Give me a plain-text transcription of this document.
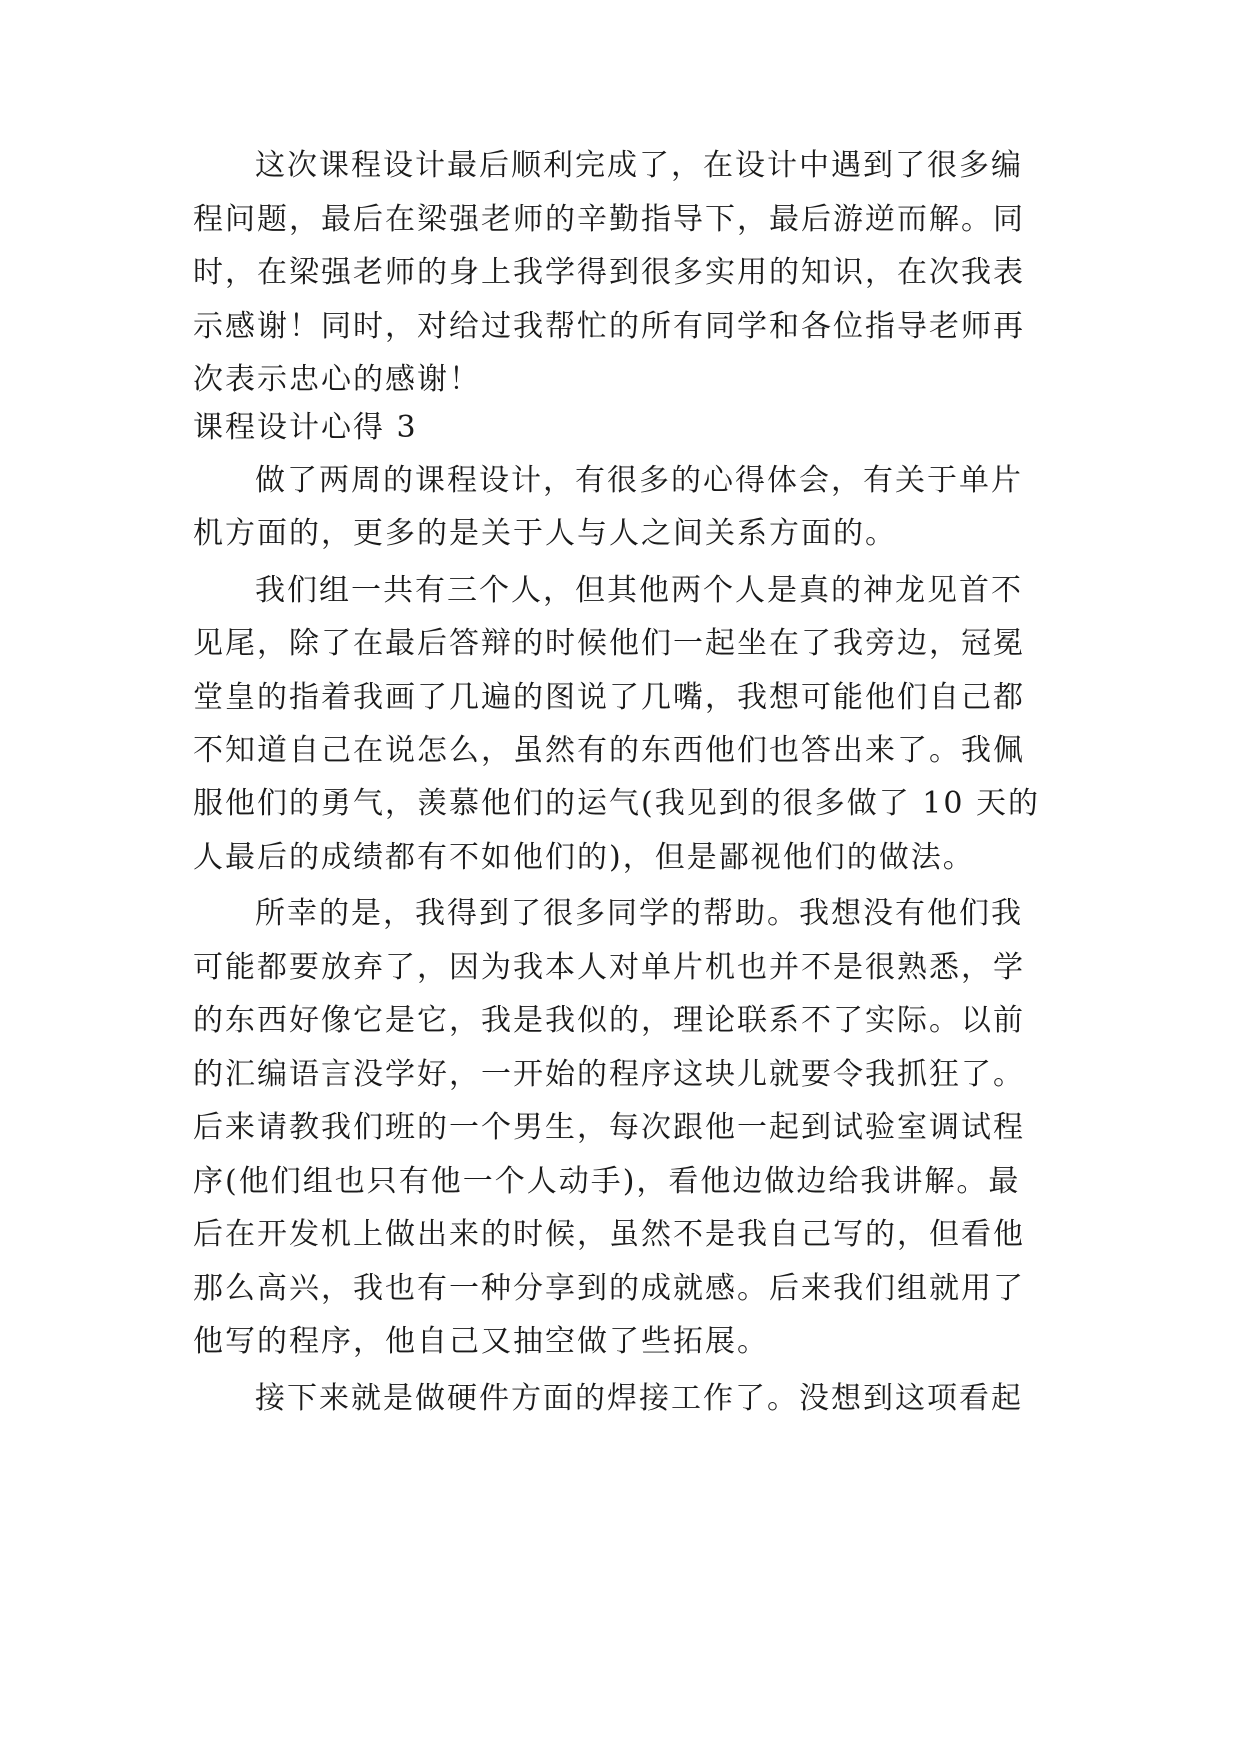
这次课程设计最后顺利完成了，在设计中遇到了很多编
程问题，最后在梁强老师的辛勤指导下，最后游逆而解。同
时，在梁强老师的身上我学得到很多实用的知识，在次我表
示感谢！同时，对给过我帮忙的所有同学和各位指导老师再
次表示忠心的感谢！
课程设计心得 3
做了两周的课程设计，有很多的心得体会，有关于单片
机方面的，更多的是关于人与人之间关系方面的。
我们组一共有三个人，但其他两个人是真的神龙见首不
见尾，除了在最后答辩的时候他们一起坐在了我旁边，冠冕
堂皇的指着我画了几遍的图说了几嘴，我想可能他们自己都
不知道自己在说怎么，虽然有的东西他们也答出来了。我佩
服他们的勇气，羡慕他们的运气(我见到的很多做了 10 天的
人最后的成绩都有不如他们的)，但是鄙视他们的做法。
所幸的是，我得到了很多同学的帮助。我想没有他们我
可能都要放弃了，因为我本人对单片机也并不是很熟悉，学
的东西好像它是它，我是我似的，理论联系不了实际。以前
的汇编语言没学好，一开始的程序这块儿就要令我抓狂了。
后来请教我们班的一个男生，每次跟他一起到试验室调试程
序(他们组也只有他一个人动手)，看他边做边给我讲解。最
后在开发机上做出来的时候，虽然不是我自己写的，但看他
那么高兴，我也有一种分享到的成就感。后来我们组就用了
他写的程序，他自己又抽空做了些拓展。
接下来就是做硬件方面的焊接工作了。没想到这项看起
